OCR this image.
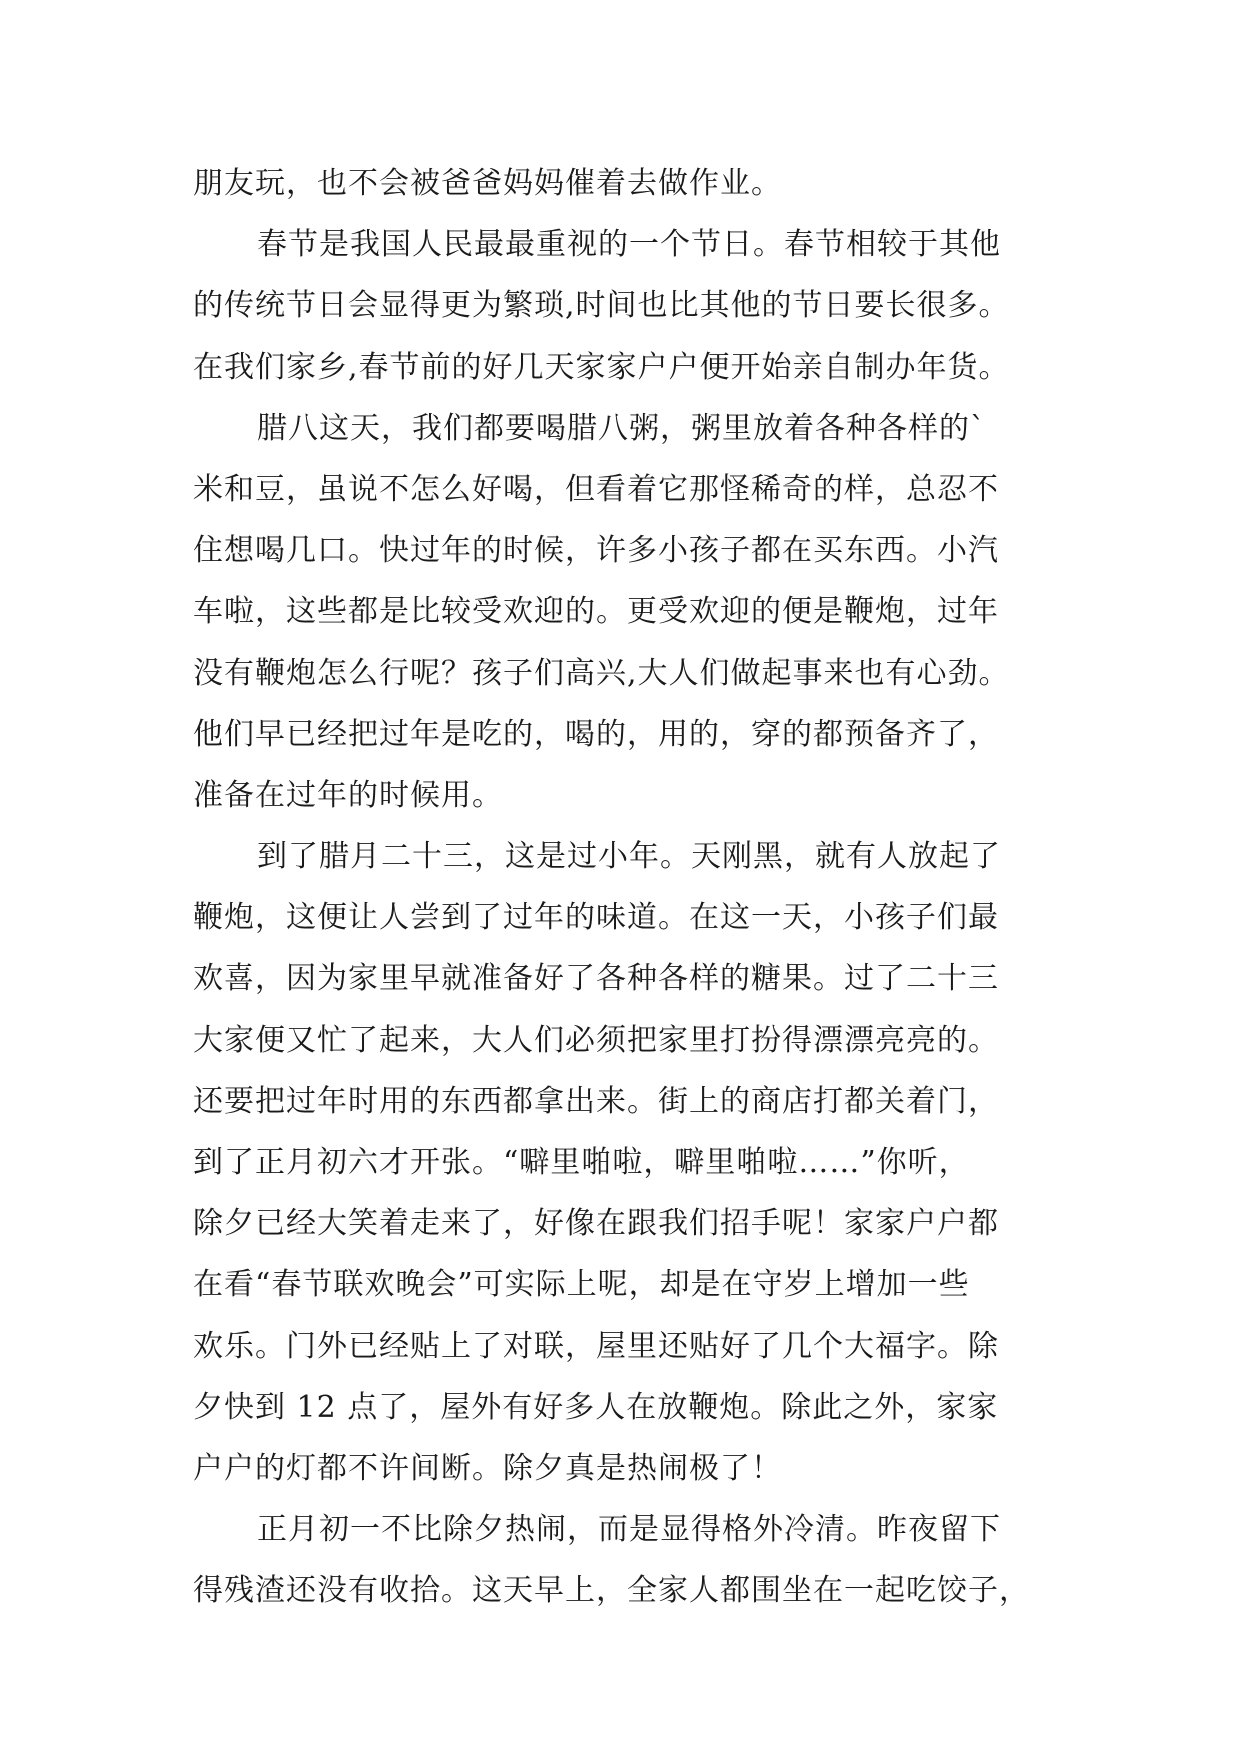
朋友玩，也不会被爸爸妈妈催着去做作业。
春节是我国人民最最重视的一个节日。春节相较于其他
的传统节日会显得更为繁琐,时间也比其他的节日要长很多。
在我们家乡,春节前的好几天家家户户便开始亲自制办年货。
腊八这天，我们都要喝腊八粥，粥里放着各种各样的`
米和豆，虽说不怎么好喝，但看着它那怪稀奇的样，总忍不
住想喝几口。快过年的时候，许多小孩子都在买东西。小汽
车啦，这些都是比较受欢迎的。更受欢迎的便是鞭炮，过年
没有鞭炮怎么行呢？孩子们高兴,大人们做起事来也有心劲。
他们早已经把过年是吃的，喝的，用的，穿的都预备齐了，
准备在过年的时候用。
到了腊月二十三，这是过小年。天刚黑，就有人放起了
鞭炮，这便让人尝到了过年的味道。在这一天，小孩子们最
欢喜，因为家里早就准备好了各种各样的糖果。过了二十三
大家便又忙了起来，大人们必须把家里打扮得漂漂亮亮的。
还要把过年时用的东西都拿出来。街上的商店打都关着门，
到了正月初六才开张。“噼里啪啦，噼里啪啦……”你听，
除夕已经大笑着走来了，好像在跟我们招手呢！家家户户都
在看“春节联欢晚会”可实际上呢，却是在守岁上增加一些
欢乐。门外已经贴上了对联，屋里还贴好了几个大福字。除
夕快到 12 点了，屋外有好多人在放鞭炮。除此之外，家家
户户的灯都不许间断。除夕真是热闹极了！
正月初一不比除夕热闹，而是显得格外冷清。昨夜留下
得残渣还没有收拾。这天早上，全家人都围坐在一起吃饺子，
